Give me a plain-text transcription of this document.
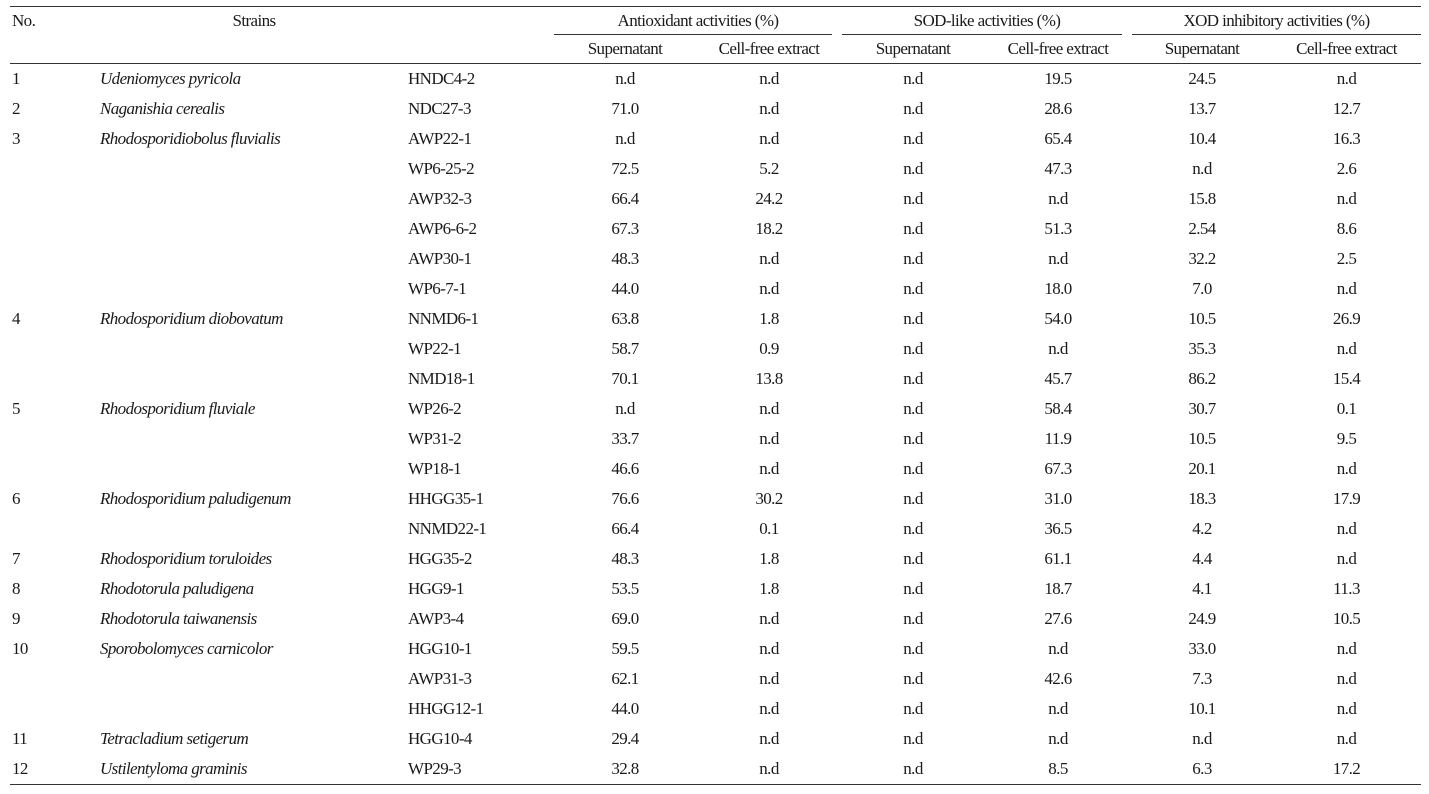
No.	Strains		Antioxidant activities (%)		SOD-like activities (%)		XOD inhibitory activities (%)	

			Supernatant	Cell-free extract	Supernatant	Cell-free extract	Supernatant	Cell-free extract
1	Udeniomyces pyricola	HNDC4-2	n.d	n.d	n.d	19.5	24.5	n.d
2	Naganishia cerealis	NDC27-3	71.0	n.d	n.d	28.6	13.7	12.7
3	Rhodosporidiobolus fluvialis	AWP22-1	n.d	n.d	n.d	65.4	10.4	16.3
		WP6-25-2	72.5	5.2	n.d	47.3	n.d	2.6
		AWP32-3	66.4	24.2	n.d	n.d	15.8	n.d
		AWP6-6-2	67.3	18.2	n.d	51.3	2.54	8.6
		AWP30-1	48.3	n.d	n.d	n.d	32.2	2.5
		WP6-7-1	44.0	n.d	n.d	18.0	7.0	n.d
4	Rhodosporidium diobovatum	NNMD6-1	63.8	1.8	n.d	54.0	10.5	26.9
		WP22-1	58.7	0.9	n.d	n.d	35.3	n.d
		NMD18-1	70.1	13.8	n.d	45.7	86.2	15.4
5	Rhodosporidium fluviale	WP26-2	n.d	n.d	n.d	58.4	30.7	0.1
		WP31-2	33.7	n.d	n.d	11.9	10.5	9.5
		WP18-1	46.6	n.d	n.d	67.3	20.1	n.d
6	Rhodosporidium paludigenum	HHGG35-1	76.6	30.2	n.d	31.0	18.3	17.9
		NNMD22-1	66.4	0.1	n.d	36.5	4.2	n.d
7	Rhodosporidium toruloides	HGG35-2	48.3	1.8	n.d	61.1	4.4	n.d
8	Rhodotorula paludigena	HGG9-1	53.5	1.8	n.d	18.7	4.1	11.3
9	Rhodotorula taiwanensis	AWP3-4	69.0	n.d	n.d	27.6	24.9	10.5
10	Sporobolomyces carnicolor	HGG10-1	59.5	n.d	n.d	n.d	33.0	n.d
		AWP31-3	62.1	n.d	n.d	42.6	7.3	n.d
		HHGG12-1	44.0	n.d	n.d	n.d	10.1	n.d
11	Tetracladium setigerum	HGG10-4	29.4	n.d	n.d	n.d	n.d	n.d
12	Ustilentyloma graminis	WP29-3	32.8	n.d	n.d	8.5	6.3	17.2
